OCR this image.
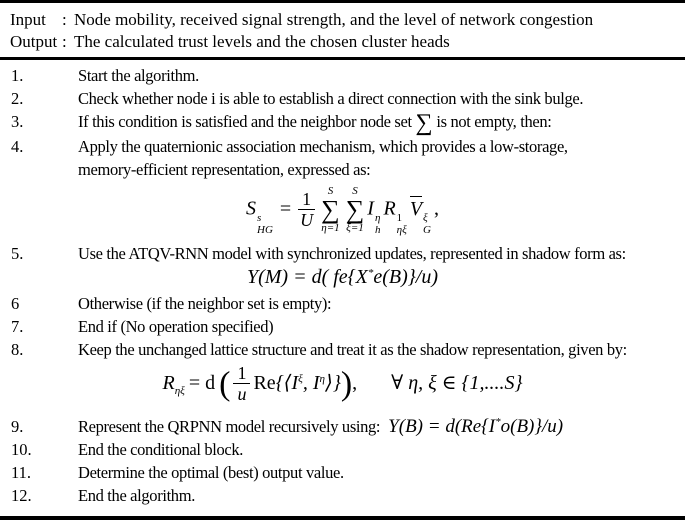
Input : Node mobility, received signal strength, and the level of network congestion
Output : The calculated trust levels and the chosen cluster heads
1.	Start the algorithm.
2.	Check whether node i is able to establish a direct connection with the sink bulge.
3.	If this condition is satisfied and the neighbor node set ∑ is not empty, then:
4.	Apply the quaternionic association mechanism, which provides a low-storage,
memory-efficient representation, expressed as:
S s
HG
= $\frac{1}{U}$ S
∑
η=1
S
∑
ξ=1
I η
h
R 1
ηξ
V ξ
G
,
5.	Use the ATQV-RNN model with synchronized updates, represented in shadow form as:
Y(M) = d( fe{X*e(B)}/u)
6	Otherwise (if the neighbor set is empty):
7.	End if (No operation specified)
8.	Keep the unchanged lattice structure and treat it as the shadow representation, given by:
$R_{\eta\xi} = d$ ( $\frac{1}{u}$ $Re\{⟨I^\xi$, $I^\eta⟩$}), ∀ η, ξ ∈ {1,....S}
9.	Represent the QRPNN model recursively using: Y(B) = d(Re{I*o(B)}/u)
10.	End the conditional block.
11.	Determine the optimal (best) output value.
12.	End the algorithm.
